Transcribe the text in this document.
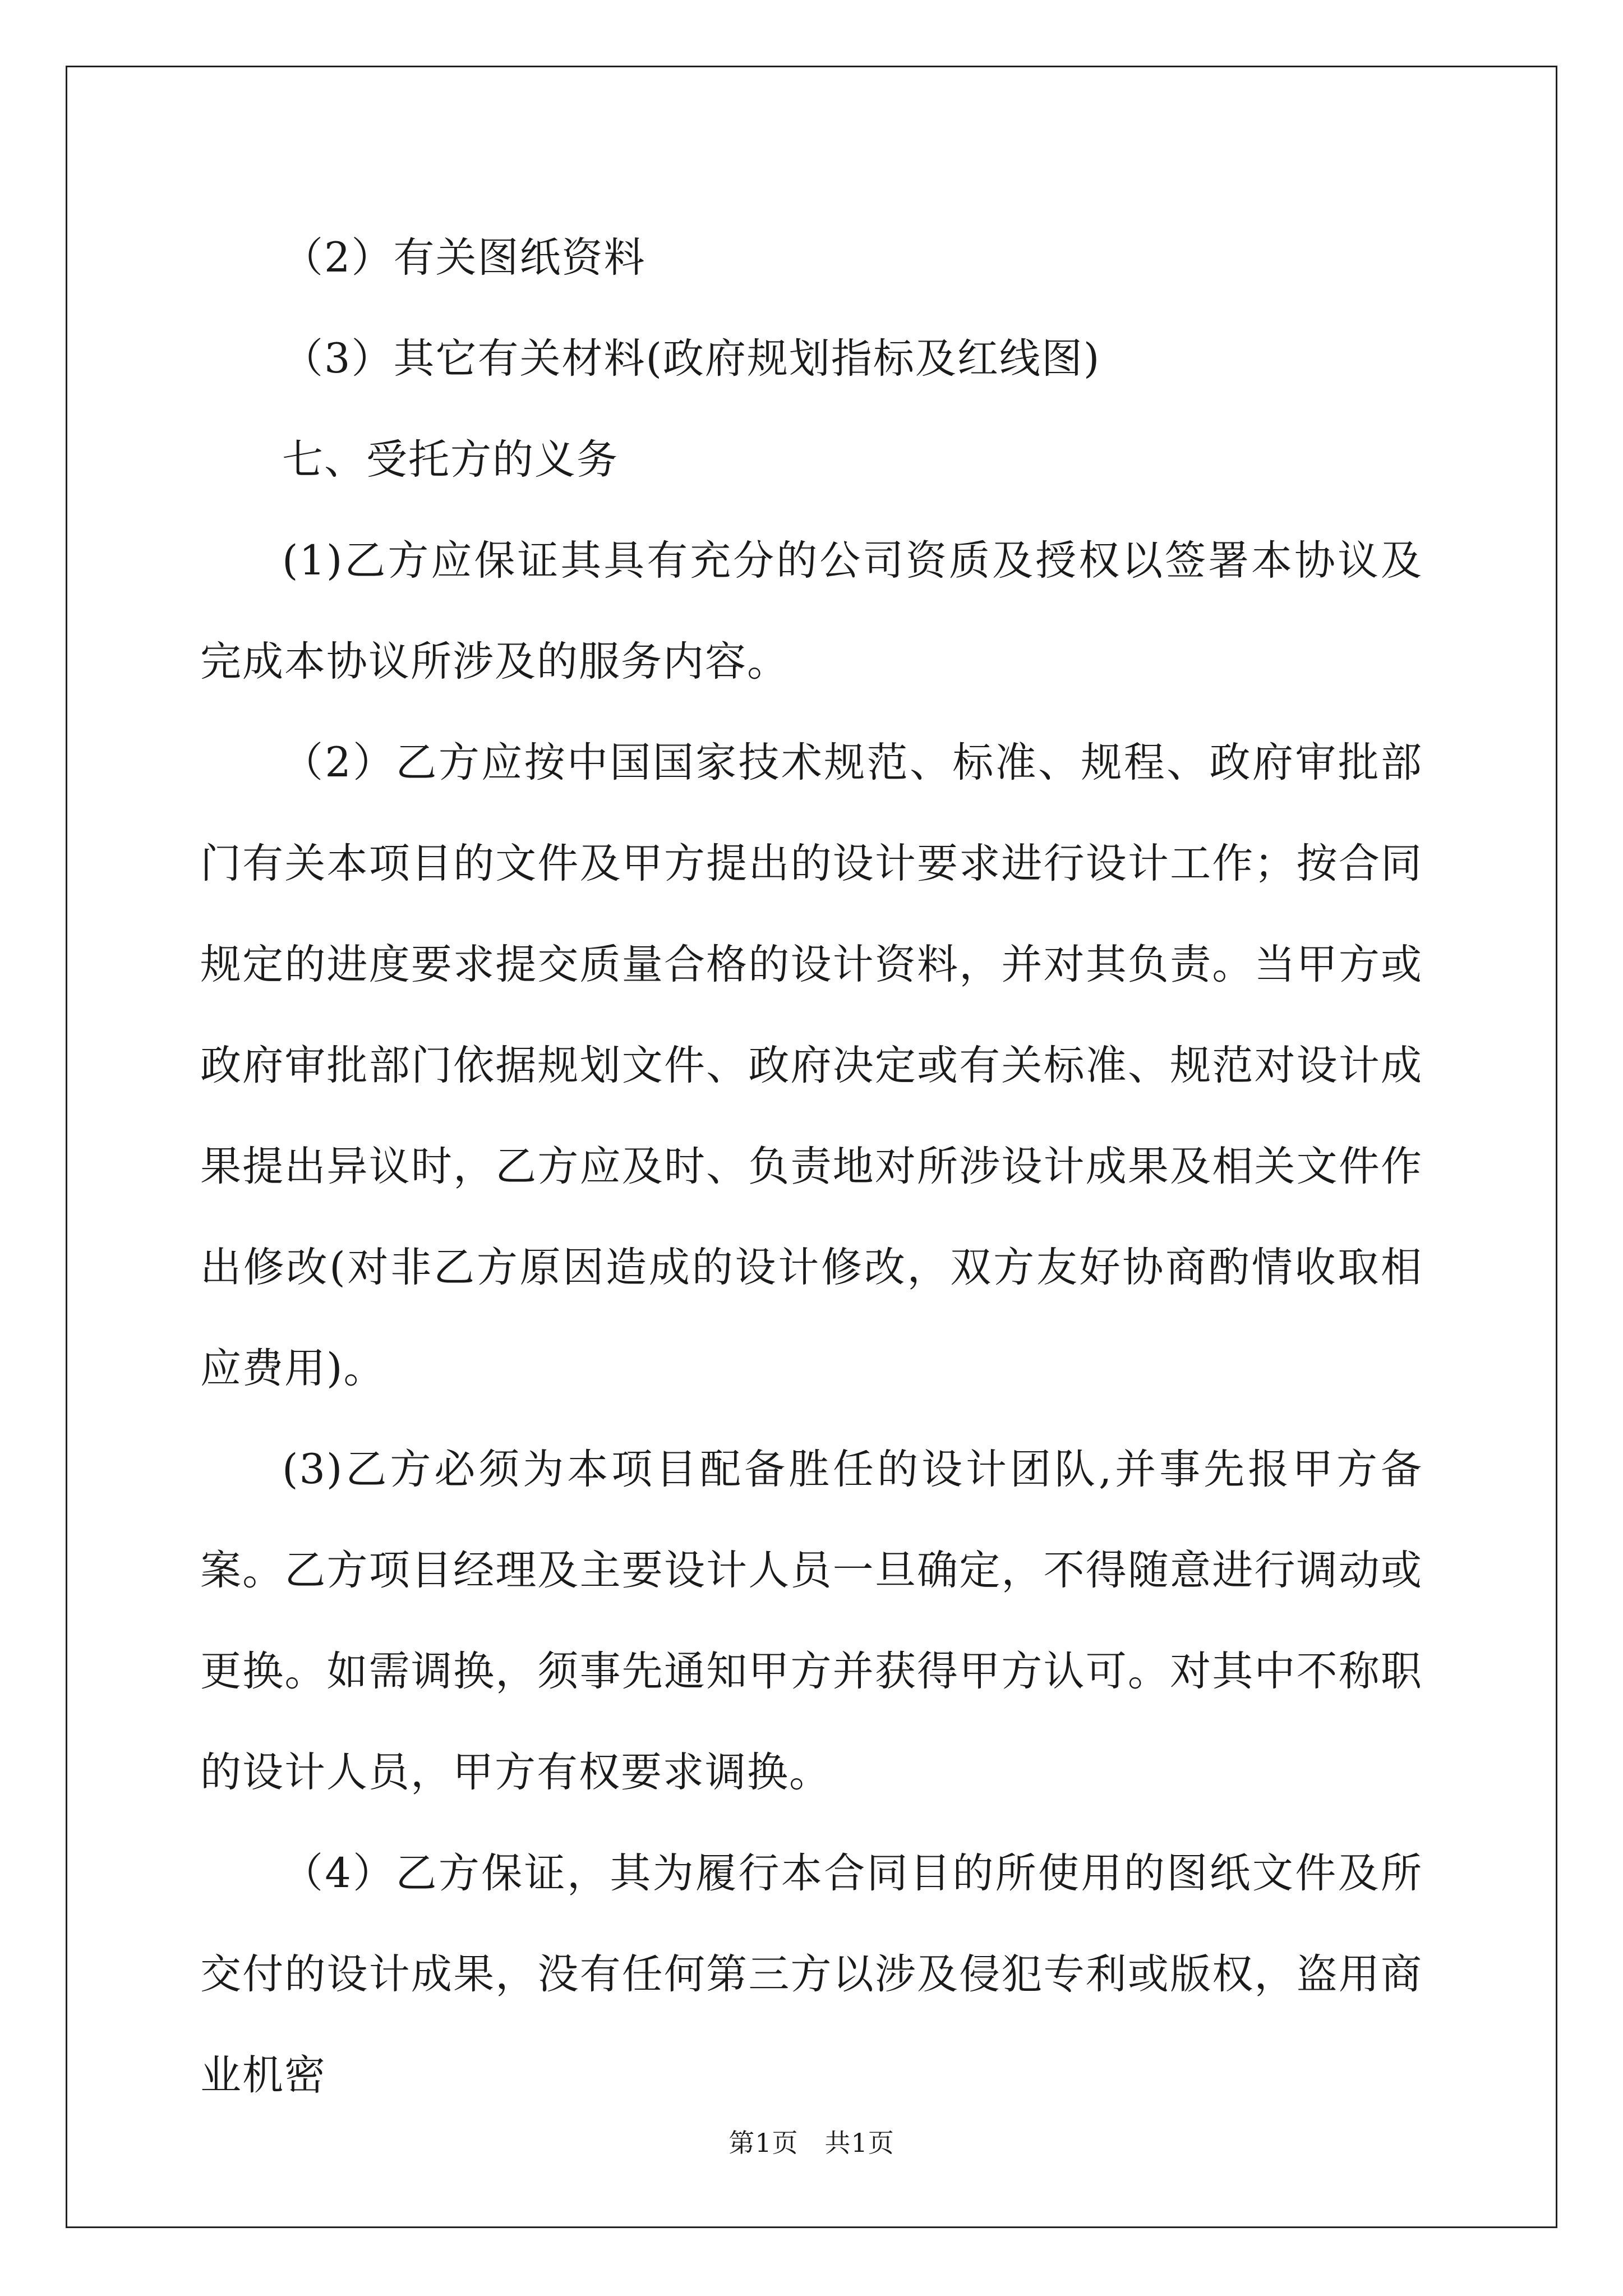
（2）有关图纸资料

（3）其它有关材料(政府规划指标及红线图)

七、受托方的义务

(1)乙方应保证其具有充分的公司资质及授权以签署本协议及完成本协议所涉及的服务内容。

（2）乙方应按中国国家技术规范、标准、规程、政府审批部门有关本项目的文件及甲方提出的设计要求进行设计工作；按合同规定的进度要求提交质量合格的设计资料，并对其负责。当甲方或政府审批部门依据规划文件、政府决定或有关标准、规范对设计成果提出异议时，乙方应及时、负责地对所涉设计成果及相关文件作出修改(对非乙方原因造成的设计修改，双方友好协商酌情收取相应费用)。

(3)乙方必须为本项目配备胜任的设计团队,并事先报甲方备案。乙方项目经理及主要设计人员一旦确定，不得随意进行调动或更换。如需调换，须事先通知甲方并获得甲方认可。对其中不称职的设计人员，甲方有权要求调换。

（4）乙方保证，其为履行本合同目的所使用的图纸文件及所交付的设计成果，没有任何第三方以涉及侵犯专利或版权，盗用商业机密

第1页 共1页
